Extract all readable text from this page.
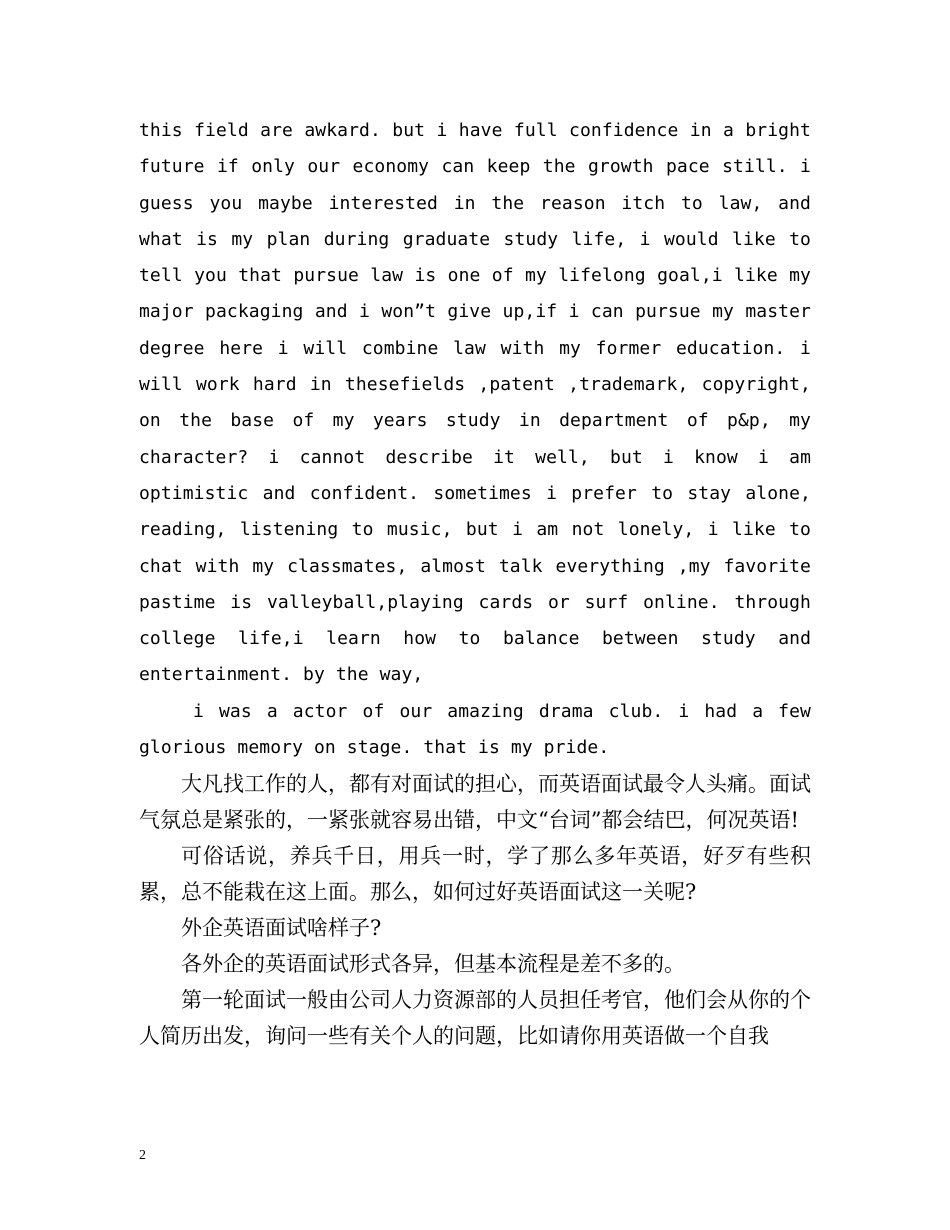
this field are awkard. but i have full confidence in a bright future if only our economy can keep the growth pace still. i guess you maybe interested in the reason itch to law, and what is my plan during graduate study life, i would like to tell you that pursue law is one of my lifelong goal,i like my major packaging and i won”t give up,if i can pursue my master degree here i will combine law with my former education. i will work hard in thesefields ,patent ,trademark, copyright, on the base of my years study in department of p&p, my character? i cannot describe it well, but i know i am optimistic and confident. sometimes i prefer to stay alone, reading, listening to music, but i am not lonely, i like to chat with my classmates, almost talk everything ,my favorite pastime is valleyball,playing cards or surf online. through college life,i learn how to balance between study and entertainment. by the way,

i was a actor of our amazing drama club. i had a few glorious memory on stage. that is my pride.

大凡找工作的人，都有对面试的担心，而英语面试最令人头痛。面试气氛总是紧张的，一紧张就容易出错，中文“台词”都会结巴，何况英语!

可俗话说，养兵千日，用兵一时，学了那么多年英语，好歹有些积累，总不能栽在这上面。那么，如何过好英语面试这一关呢?

外企英语面试啥样子?

各外企的英语面试形式各异，但基本流程是差不多的。

第一轮面试一般由公司人力资源部的人员担任考官，他们会从你的个人简历出发，询问一些有关个人的问题，比如请你用英语做一个自我

2
